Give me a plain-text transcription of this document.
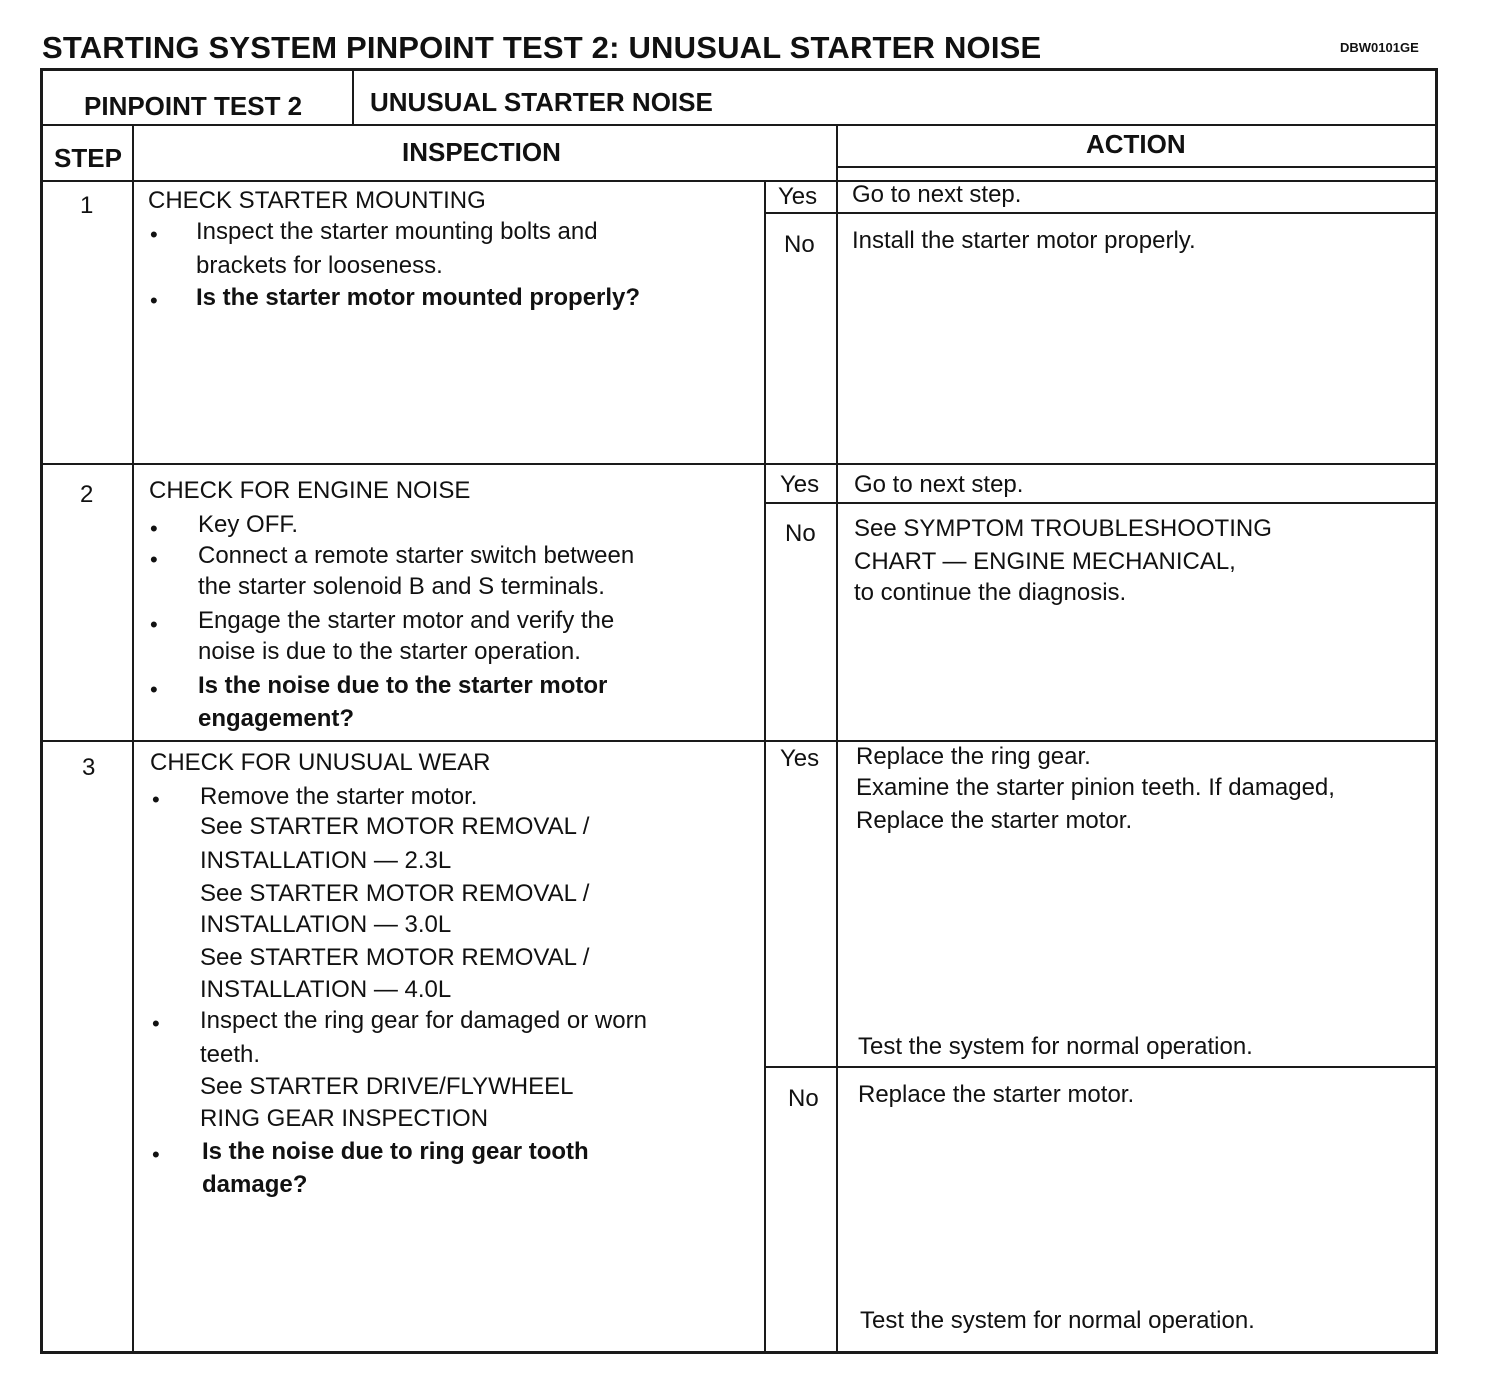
STARTING SYSTEM PINPOINT TEST 2: UNUSUAL STARTER NOISE	DBW0101GE
PINPOINT TEST 2	UNUSUAL STARTER NOISE
STEP	INSPECTION	ACTION
1 CHECK STARTER MOUNTING
• Inspect the starter mounting bolts and
brackets for looseness.
• Is the starter motor mounted properly?
Yes Go to next step.
No Install the starter motor properly.
2 CHECK FOR ENGINE NOISE
• Key OFF.
• Connect a remote starter switch between
the starter solenoid B and S terminals.
• Engage the starter motor and verify the
noise is due to the starter operation.
• Is the noise due to the starter motor
engagement?
Yes Go to next step.
No See SYMPTOM TROUBLESHOOTING
CHART — ENGINE MECHANICAL,
to continue the diagnosis.
3 CHECK FOR UNUSUAL WEAR
• Remove the starter motor.
See STARTER MOTOR REMOVAL /
INSTALLATION — 2.3L
See STARTER MOTOR REMOVAL /
INSTALLATION — 3.0L
See STARTER MOTOR REMOVAL /
INSTALLATION — 4.0L
• Inspect the ring gear for damaged or worn
teeth.
See STARTER DRIVE/FLYWHEEL
RING GEAR INSPECTION
• Is the noise due to ring gear tooth
damage?
Yes Replace the ring gear.
Examine the starter pinion teeth. If damaged,
Replace the starter motor.
Test the system for normal operation.
No Replace the starter motor.
Test the system for normal operation.
